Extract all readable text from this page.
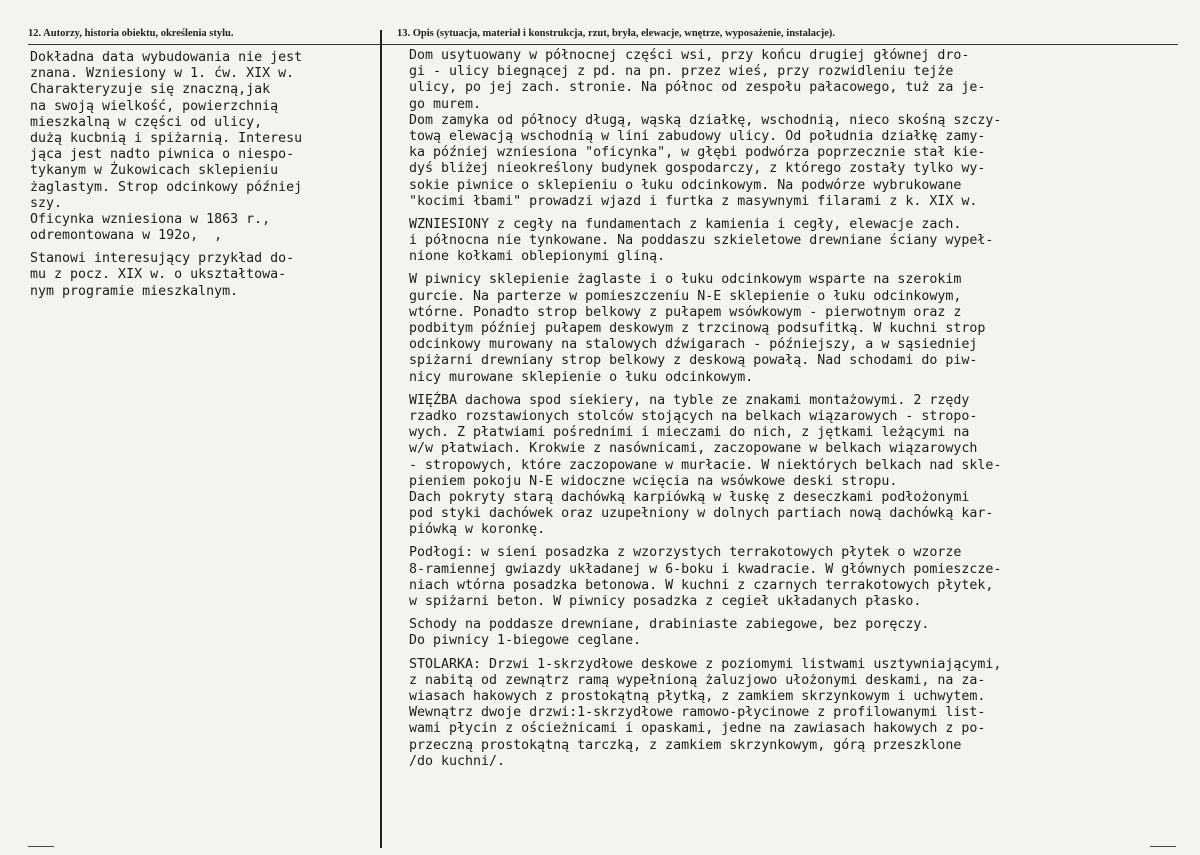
12. Autorzy, historia obiektu, określenia stylu.	13. Opis (sytuacja, materiał i konstrukcja, rzut, bryła, elewacje, wnętrze, wyposażenie, instalacje).
Dokładna data wybudowania nie jest
znana. Wzniesiony w 1. ćw. XIX w.
Charakteryzuje się znaczną,jak
na swoją wielkość, powierzchnią
mieszkalną w części od ulicy,
dużą kucbnią i spiżarnią. Interesu
jąca jest nadto piwnica o niespo-
tykanym w Żukowicach sklepieniu
żaglastym. Strop odcinkowy później
szy.
Oficynka wzniesiona w 1863 r.,
odremontowana w 192o,  ,
Stanowi interesujący przykład do-
mu z pocz. XIX w. o ukształtowa-
nym programie mieszkalnym.
Dom usytuowany w północnej części wsi, przy końcu drugiej głównej dro-
gi - ulicy biegnącej z pd. na pn. przez wieś, przy rozwidleniu tejże
ulicy, po jej zach. stronie. Na północ od zespołu pałacowego, tuż za je-
go murem.
Dom zamyka od północy długą, wąską działkę, wschodnią, nieco skośną szczy-
tową elewacją wschodnią w lini zabudowy ulicy. Od południa działkę zamy-
ka później wzniesiona "oficynka", w głębi podwórza poprzecznie stał kie-
dyś bliżej nieokreślony budynek gospodarczy, z którego zostały tylko wy-
sokie piwnice o sklepieniu o łuku odcinkowym. Na podwórze wybrukowane
"kocimi łbami" prowadzi wjazd i furtka z masywnymi filarami z k. XIX w.
WZNIESIONY z cegły na fundamentach z kamienia i cegły, elewacje zach.
i północna nie tynkowane. Na poddaszu szkieletowe drewniane ściany wypeł-
nione kołkami oblepionymi gliną.
W piwnicy sklepienie żaglaste i o łuku odcinkowym wsparte na szerokim
gurcie. Na parterze w pomieszczeniu N-E sklepienie o łuku odcinkowym,
wtórne. Ponadto strop belkowy z pułapem wsówkowym - pierwotnym oraz z
podbitym później pułapem deskowym z trzcinową podsufitką. W kuchni strop
odcinkowy murowany na stalowych dźwigarach - późniejszy, a w sąsiedniej
spiżarni drewniany strop belkowy z deskową powałą. Nad schodami do piw-
nicy murowane sklepienie o łuku odcinkowym.
WIĘŹBA dachowa spod siekiery, na tyble ze znakami montażowymi. 2 rzędy
rzadko rozstawionych stolców stojących na belkach wiązarowych - stropo-
wych. Z płatwiami pośrednimi i mieczami do nich, z jętkami leżącymi na
w/w płatwiach. Krokwie z nasównicami, zaczopowane w belkach wiązarowych
- stropowych, które zaczopowane w murłacie. W niektórych belkach nad skle-
pieniem pokoju N-E widoczne wcięcia na wsówkowe deski stropu.
Dach pokryty starą dachówką karpiówką w łuskę z deseczkami podłożonymi
pod styki dachówek oraz uzupełniony w dolnych partiach nową dachówką kar-
piówką w koronkę.
Podłogi: w sieni posadzka z wzorzystych terrakotowych płytek o wzorze
8-ramiennej gwiazdy układanej w 6-boku i kwadracie. W głównych pomieszcze-
niach wtórna posadzka betonowa. W kuchni z czarnych terrakotowych płytek,
w spiżarni beton. W piwnicy posadzka z cegieł układanych płasko.
Schody na poddasze drewniane, drabiniaste zabiegowe, bez poręczy.
Do piwnicy 1-biegowe ceglane.
STOLARKA: Drzwi 1-skrzydłowe deskowe z poziomymi listwami usztywniającymi,
z nabitą od zewnątrz ramą wypełnioną żaluzjowo ułożonymi deskami, na za-
wiasach hakowych z prostokątną płytką, z zamkiem skrzynkowym i uchwytem.
Wewnątrz dwoje drzwi:1-skrzydłowe ramowo-płycinowe z profilowanymi list-
wami płycin z ościeżnicami i opaskami, jedne na zawiasach hakowych z po-
przeczną prostokątną tarczką, z zamkiem skrzynkowym, górą przeszklone
/do kuchni/.
